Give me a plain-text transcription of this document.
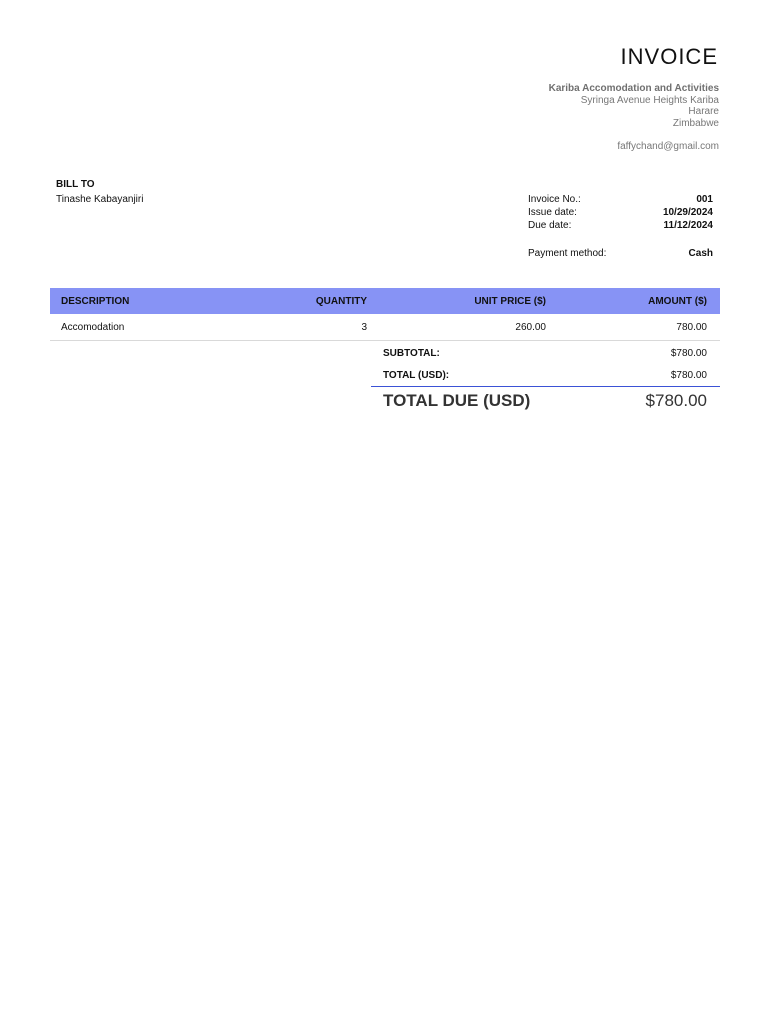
INVOICE
Kariba Accomodation and Activities
Syringa Avenue Heights Kariba
Harare
Zimbabwe
faffychand@gmail.com
BILL TO
Tinashe Kabayanjiri	Invoice No.:	001
Issue date:	10/29/2024
Due date:	11/12/2024
Payment method:	Cash
DESCRIPTION	QUANTITY	UNIT PRICE ($)	AMOUNT ($)
Accomodation	3	260.00	780.00
SUBTOTAL:	$780.00
TOTAL (USD):	$780.00
TOTAL DUE (USD)	$780.00
